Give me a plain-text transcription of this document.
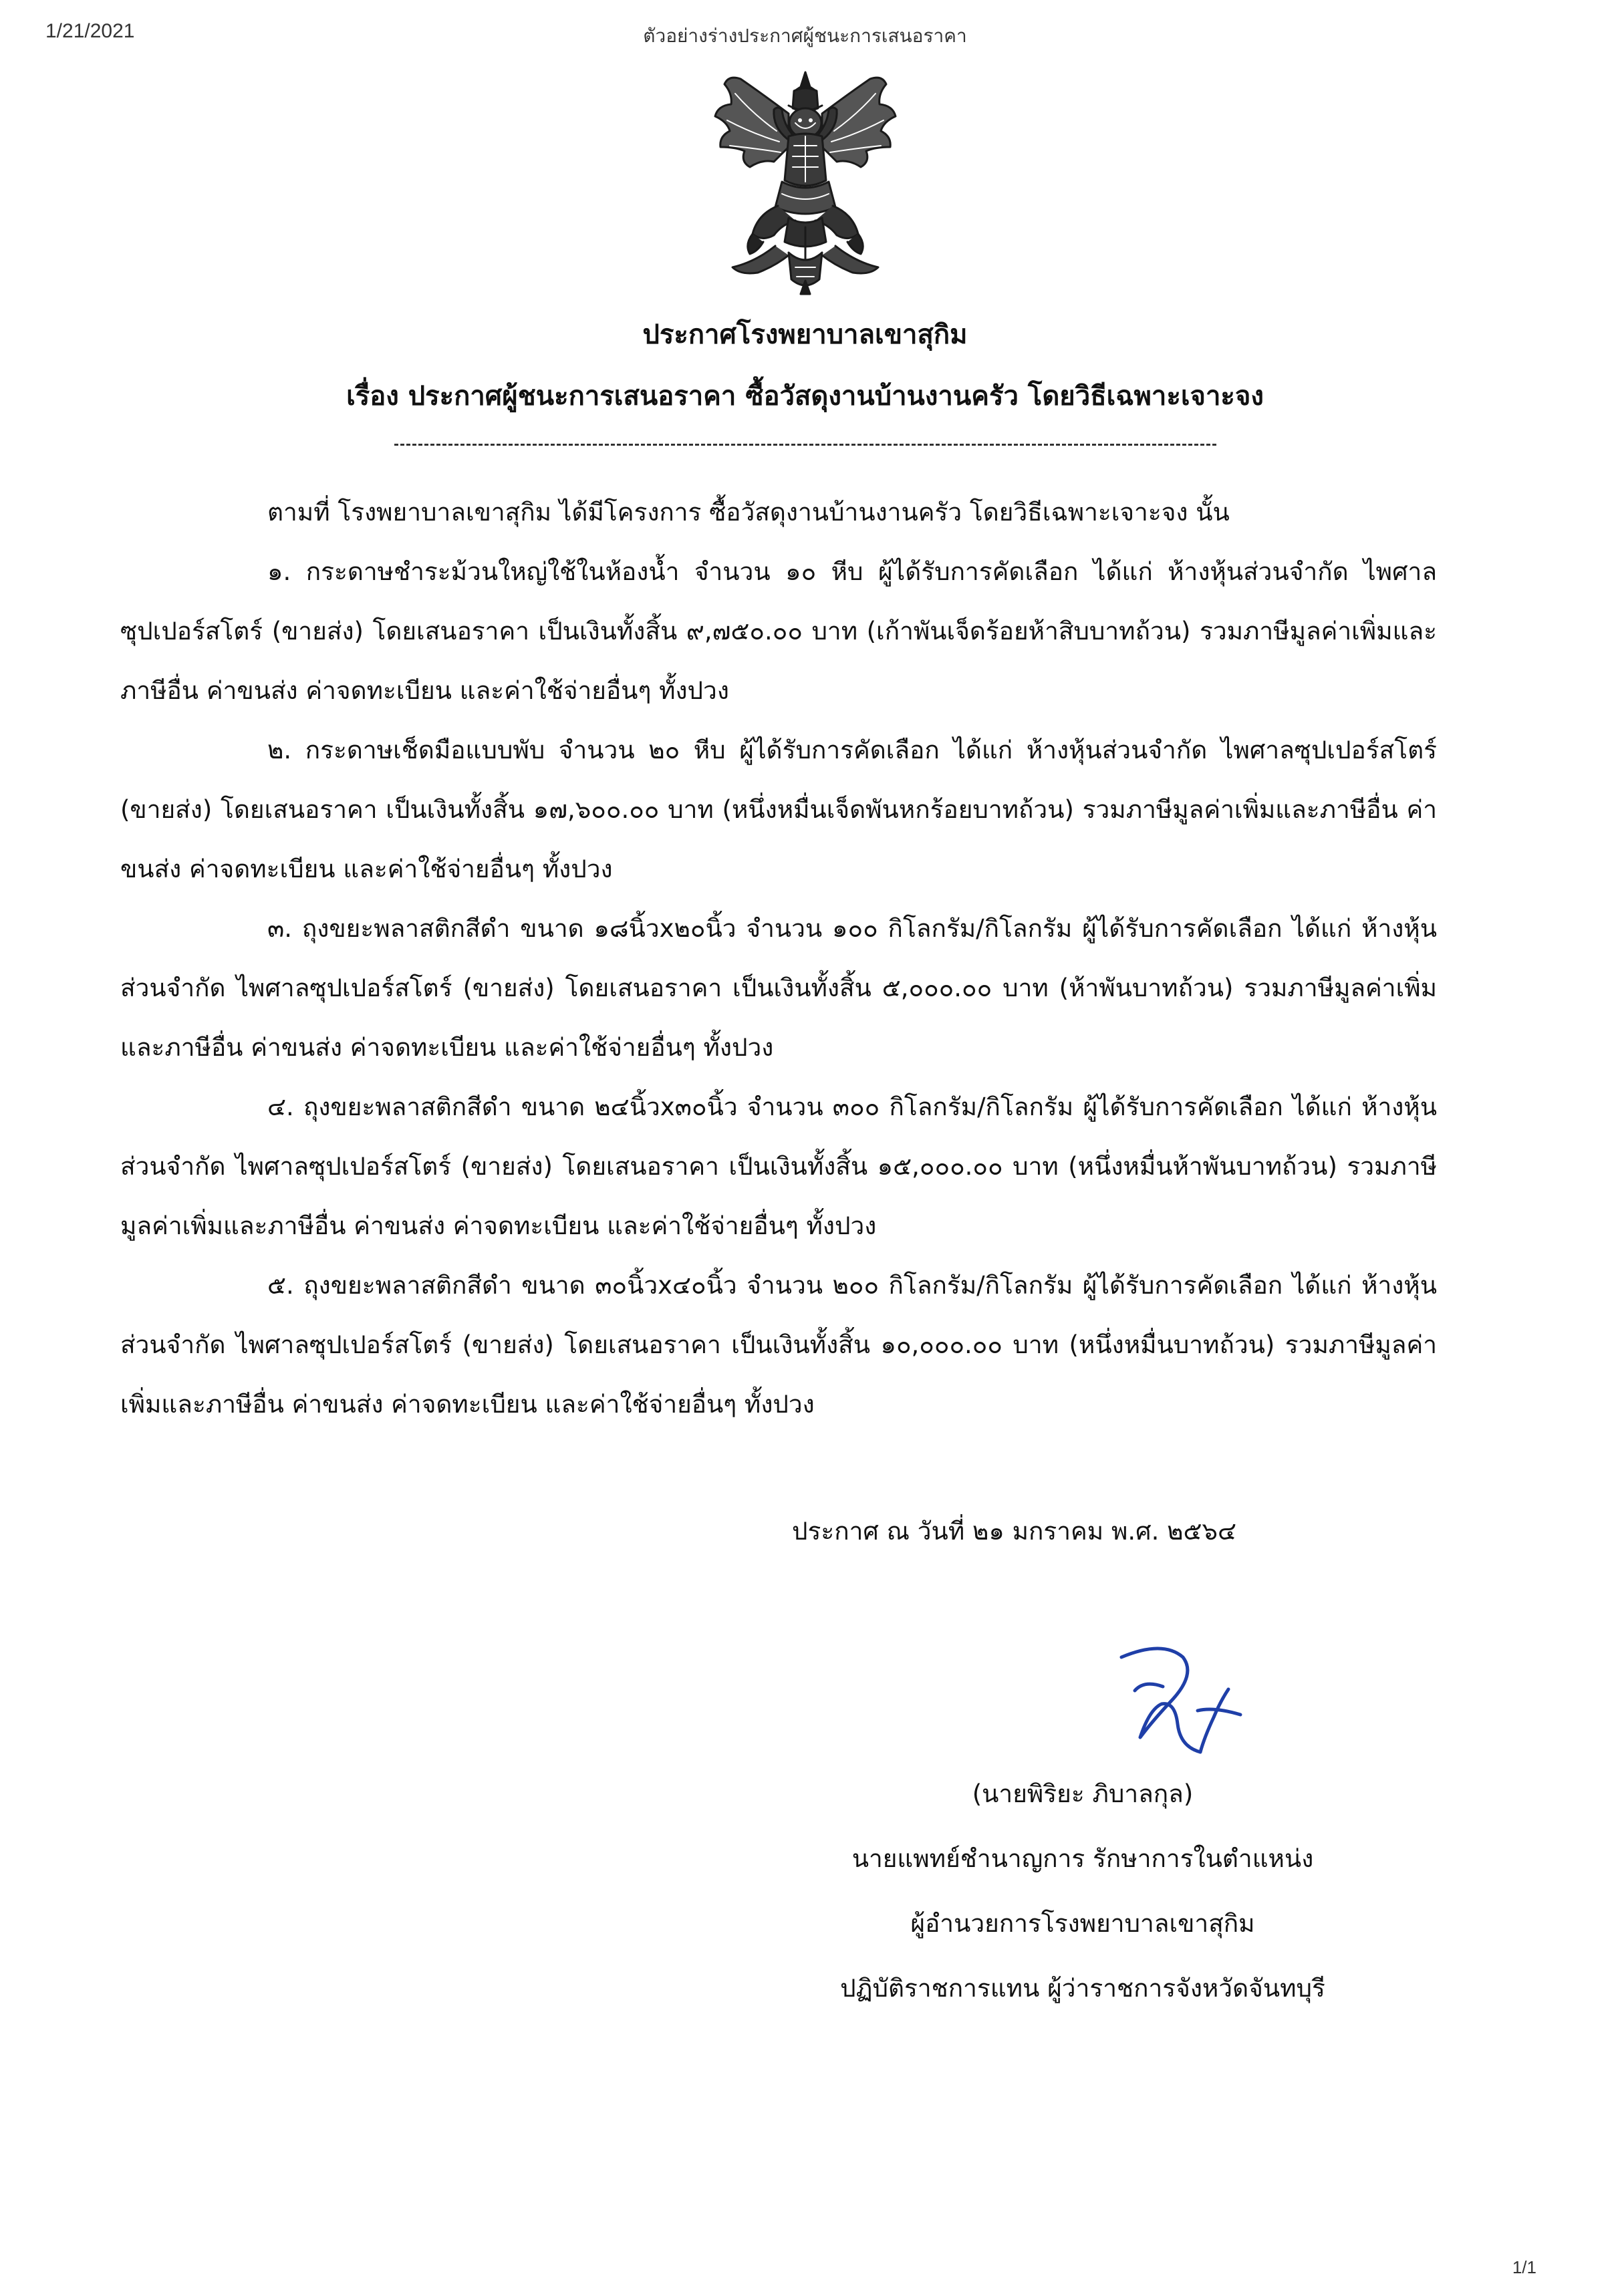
1/21/2021	ตัวอย่างร่างประกาศผู้ชนะการเสนอราคา
ประกาศโรงพยาบาลเขาสุกิม
เรื่อง ประกาศผู้ชนะการเสนอราคา ซื้อวัสดุงานบ้านงานครัว โดยวิธีเฉพาะเจาะจง

ตามที่ โรงพยาบาลเขาสุกิม ได้มีโครงการ ซื้อวัสดุงานบ้านงานครัว โดยวิธีเฉพาะเจาะจง นั้น

๑. กระดาษชำระม้วนใหญ่ใช้ในห้องน้ำ จำนวน ๑๐ หีบ ผู้ได้รับการคัดเลือก ได้แก่ ห้างหุ้นส่วนจำกัด ไพศาลซุปเปอร์สโตร์ (ขายส่ง) โดยเสนอราคา เป็นเงินทั้งสิ้น ๙,๗๕๐.๐๐ บาท (เก้าพันเจ็ดร้อยห้าสิบบาทถ้วน) รวมภาษีมูลค่าเพิ่มและภาษีอื่น ค่าขนส่ง ค่าจดทะเบียน และค่าใช้จ่ายอื่นๆ ทั้งปวง

๒. กระดาษเช็ดมือแบบพับ จำนวน ๒๐ หีบ ผู้ได้รับการคัดเลือก ได้แก่ ห้างหุ้นส่วนจำกัด ไพศาลซุปเปอร์สโตร์ (ขายส่ง) โดยเสนอราคา เป็นเงินทั้งสิ้น ๑๗,๖๐๐.๐๐ บาท (หนึ่งหมื่นเจ็ดพันหกร้อยบาทถ้วน) รวมภาษีมูลค่าเพิ่มและภาษีอื่น ค่าขนส่ง ค่าจดทะเบียน และค่าใช้จ่ายอื่นๆ ทั้งปวง

๓. ถุงขยะพลาสติกสีดำ ขนาด ๑๘นิ้วx๒๐นิ้ว จำนวน ๑๐๐ กิโลกรัม/กิโลกรัม ผู้ได้รับการคัดเลือก ได้แก่ ห้างหุ้นส่วนจำกัด ไพศาลซุปเปอร์สโตร์ (ขายส่ง) โดยเสนอราคา เป็นเงินทั้งสิ้น ๕,๐๐๐.๐๐ บาท (ห้าพันบาทถ้วน) รวมภาษีมูลค่าเพิ่มและภาษีอื่น ค่าขนส่ง ค่าจดทะเบียน และค่าใช้จ่ายอื่นๆ ทั้งปวง

๔. ถุงขยะพลาสติกสีดำ ขนาด ๒๔นิ้วx๓๐นิ้ว จำนวน ๓๐๐ กิโลกรัม/กิโลกรัม ผู้ได้รับการคัดเลือก ได้แก่ ห้างหุ้นส่วนจำกัด ไพศาลซุปเปอร์สโตร์ (ขายส่ง) โดยเสนอราคา เป็นเงินทั้งสิ้น ๑๕,๐๐๐.๐๐ บาท (หนึ่งหมื่นห้าพันบาทถ้วน) รวมภาษีมูลค่าเพิ่มและภาษีอื่น ค่าขนส่ง ค่าจดทะเบียน และค่าใช้จ่ายอื่นๆ ทั้งปวง

๕. ถุงขยะพลาสติกสีดำ ขนาด ๓๐นิ้วx๔๐นิ้ว จำนวน ๒๐๐ กิโลกรัม/กิโลกรัม ผู้ได้รับการคัดเลือก ได้แก่ ห้างหุ้นส่วนจำกัด ไพศาลซุปเปอร์สโตร์ (ขายส่ง) โดยเสนอราคา เป็นเงินทั้งสิ้น ๑๐,๐๐๐.๐๐ บาท (หนึ่งหมื่นบาทถ้วน) รวมภาษีมูลค่าเพิ่มและภาษีอื่น ค่าขนส่ง ค่าจดทะเบียน และค่าใช้จ่ายอื่นๆ ทั้งปวง

ประกาศ ณ วันที่ ๒๑ มกราคม พ.ศ. ๒๕๖๔
(นายพิริยะ ภิบาลกุล)
นายแพทย์ชำนาญการ รักษาการในตำแหน่ง
ผู้อำนวยการโรงพยาบาลเขาสุกิม
ปฏิบัติราชการแทน ผู้ว่าราชการจังหวัดจันทบุรี
1/1
